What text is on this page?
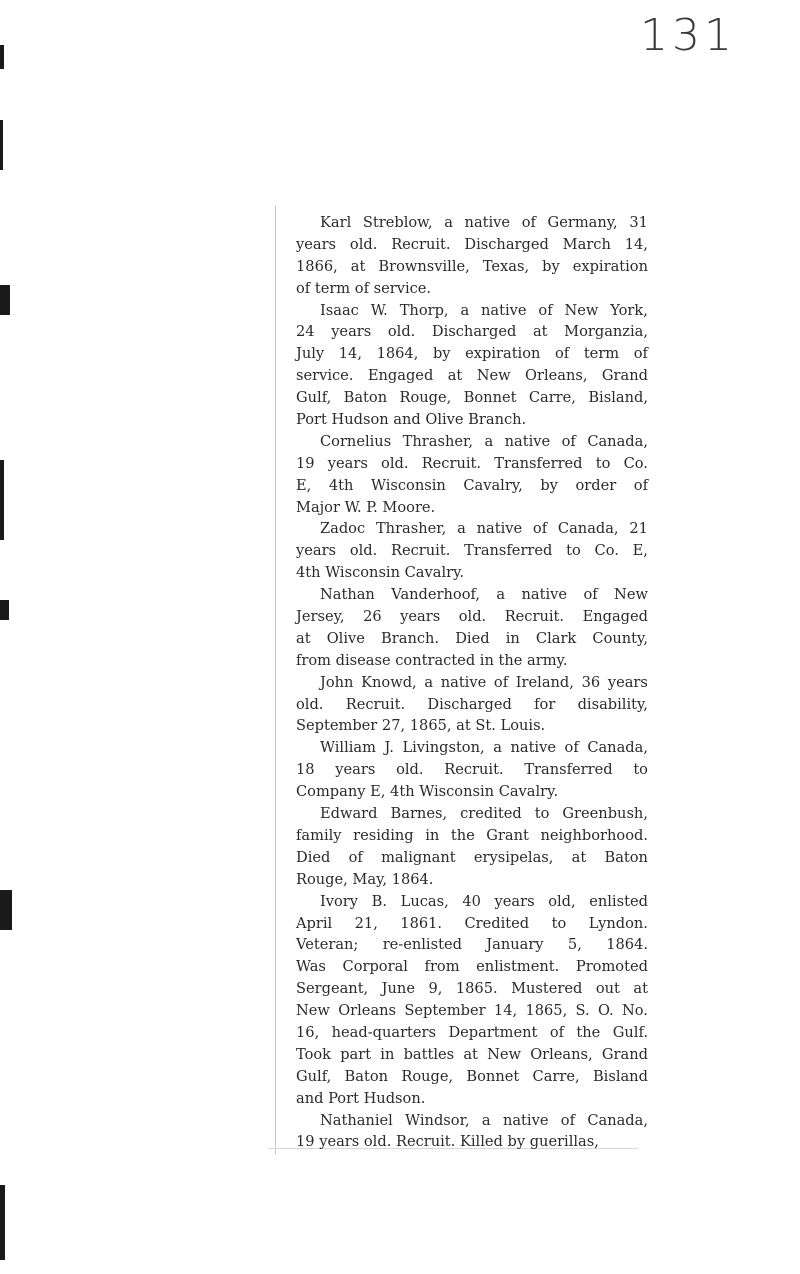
131
Karl Streblow, a native of Germany, 31
years old. Recruit. Discharged March 14,
1866, at Brownsville, Texas, by expiration
of term of service.
Isaac W. Thorp, a native of New York,
24 years old. Discharged at Morganzia,
July 14, 1864, by expiration of term of
service. Engaged at New Orleans, Grand
Gulf, Baton Rouge, Bonnet Carre, Bisland,
Port Hudson and Olive Branch.
Cornelius Thrasher, a native of Canada,
19 years old. Recruit. Transferred to Co.
E, 4th Wisconsin Cavalry, by order of
Major W. P. Moore.
Zadoc Thrasher, a native of Canada, 21
years old. Recruit. Transferred to Co. E,
4th Wisconsin Cavalry.
Nathan Vanderhoof, a native of New
Jersey, 26 years old. Recruit. Engaged
at Olive Branch. Died in Clark County,
from disease contracted in the army.
John Knowd, a native of Ireland, 36 years
old. Recruit. Discharged for disability,
September 27, 1865, at St. Louis.
William J. Livingston, a native of Canada,
18 years old. Recruit. Transferred to
Company E, 4th Wisconsin Cavalry.
Edward Barnes, credited to Greenbush,
family residing in the Grant neighborhood.
Died of malignant erysipelas, at Baton
Rouge, May, 1864.
Ivory B. Lucas, 40 years old, enlisted
April 21, 1861. Credited to Lyndon.
Veteran; re-enlisted January 5, 1864.
Was Corporal from enlistment. Promoted
Sergeant, June 9, 1865. Mustered out at
New Orleans September 14, 1865, S. O. No.
16, head-quarters Department of the Gulf.
Took part in battles at New Orleans, Grand
Gulf, Baton Rouge, Bonnet Carre, Bisland
and Port Hudson.
Nathaniel Windsor, a native of Canada,
19 years old. Recruit. Killed by guerillas,
